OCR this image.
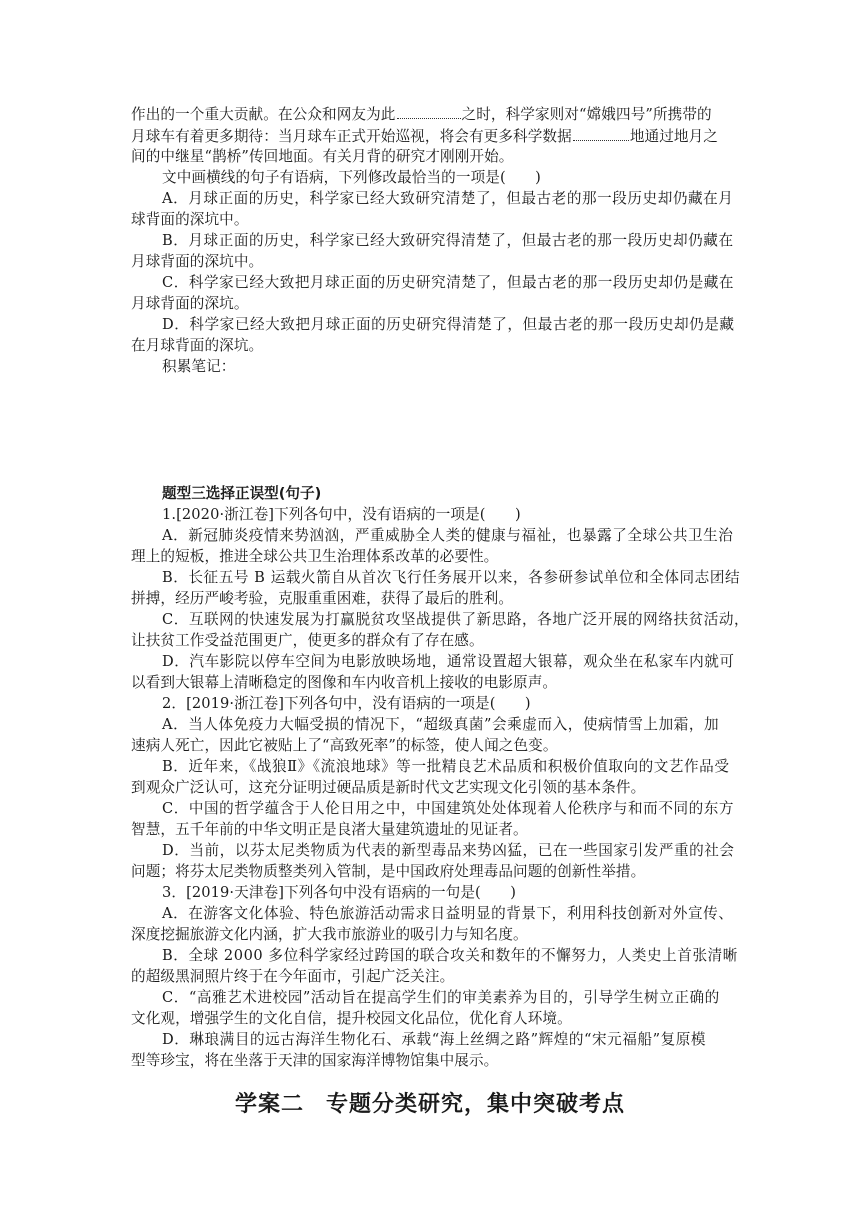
作出的一个重大贡献。在公众和网友为此	之时，科学家则对“嫦娥四号”所携带的
月球车有着更多期待：当月球车正式开始巡视，将会有更多科学数据	地通过地月之
间的中继星“鹊桥”传回地面。有关月背的研究才刚刚开始。
文中画横线的句子有语病，下列修改最恰当的一项是(　　)
A．月球正面的历史，科学家已经大致研究清楚了，但最古老的那一段历史却仍藏在月
球背面的深坑中。
B．月球正面的历史，科学家已经大致研究得清楚了，但最古老的那一段历史却仍藏在
月球背面的深坑中。
C．科学家已经大致把月球正面的历史研究清楚了，但最古老的那一段历史却仍是藏在
月球背面的深坑。
D．科学家已经大致把月球正面的历史研究得清楚了，但最古老的那一段历史却仍是藏
在月球背面的深坑。
积累笔记：
题型三选择正误型(句子)
1.[2020·浙江卷]下列各句中，没有语病的一项是(　　)
A．新冠肺炎疫情来势汹汹，严重威胁全人类的健康与福祉，也暴露了全球公共卫生治
理上的短板，推进全球公共卫生治理体系改革的必要性。
B．长征五号 B 运载火箭自从首次飞行任务展开以来，各参研参试单位和全体同志团结
拼搏，经历严峻考验，克服重重困难，获得了最后的胜利。
C．互联网的快速发展为打赢脱贫攻坚战提供了新思路，各地广泛开展的网络扶贫活动，
让扶贫工作受益范围更广，使更多的群众有了存在感。
D．汽车影院以停车空间为电影放映场地，通常设置超大银幕，观众坐在私家车内就可
以看到大银幕上清晰稳定的图像和车内收音机上接收的电影原声。
2．[2019·浙江卷]下列各句中，没有语病的一项是(　　)
A．当人体免疫力大幅受损的情况下，“超级真菌”会乘虚而入，使病情雪上加霜，加
速病人死亡，因此它被贴上了“高致死率”的标签，使人闻之色变。
B．近年来，《战狼Ⅱ》《流浪地球》等一批精良艺术品质和积极价值取向的文艺作品受
到观众广泛认可，这充分证明过硬品质是新时代文艺实现文化引领的基本条件。
C．中国的哲学蕴含于人伦日用之中，中国建筑处处体现着人伦秩序与和而不同的东方
智慧，五千年前的中华文明正是良渚大量建筑遗址的见证者。
D．当前，以芬太尼类物质为代表的新型毒品来势凶猛，已在一些国家引发严重的社会
问题；将芬太尼类物质整类列入管制，是中国政府处理毒品问题的创新性举措。
3．[2019·天津卷]下列各句中没有语病的一句是(　　)
A．在游客文化体验、特色旅游活动需求日益明显的背景下，利用科技创新对外宣传、
深度挖掘旅游文化内涵，扩大我市旅游业的吸引力与知名度。
B．全球 2000 多位科学家经过跨国的联合攻关和数年的不懈努力，人类史上首张清晰
的超级黑洞照片终于在今年面市，引起广泛关注。
C．“高雅艺术进校园”活动旨在提高学生们的审美素养为目的，引导学生树立正确的
文化观，增强学生的文化自信，提升校园文化品位，优化育人环境。
D．琳琅满目的远古海洋生物化石、承载“海上丝绸之路”辉煌的“宋元福船”复原模
型等珍宝，将在坐落于天津的国家海洋博物馆集中展示。
学案二 专题分类研究，集中突破考点
